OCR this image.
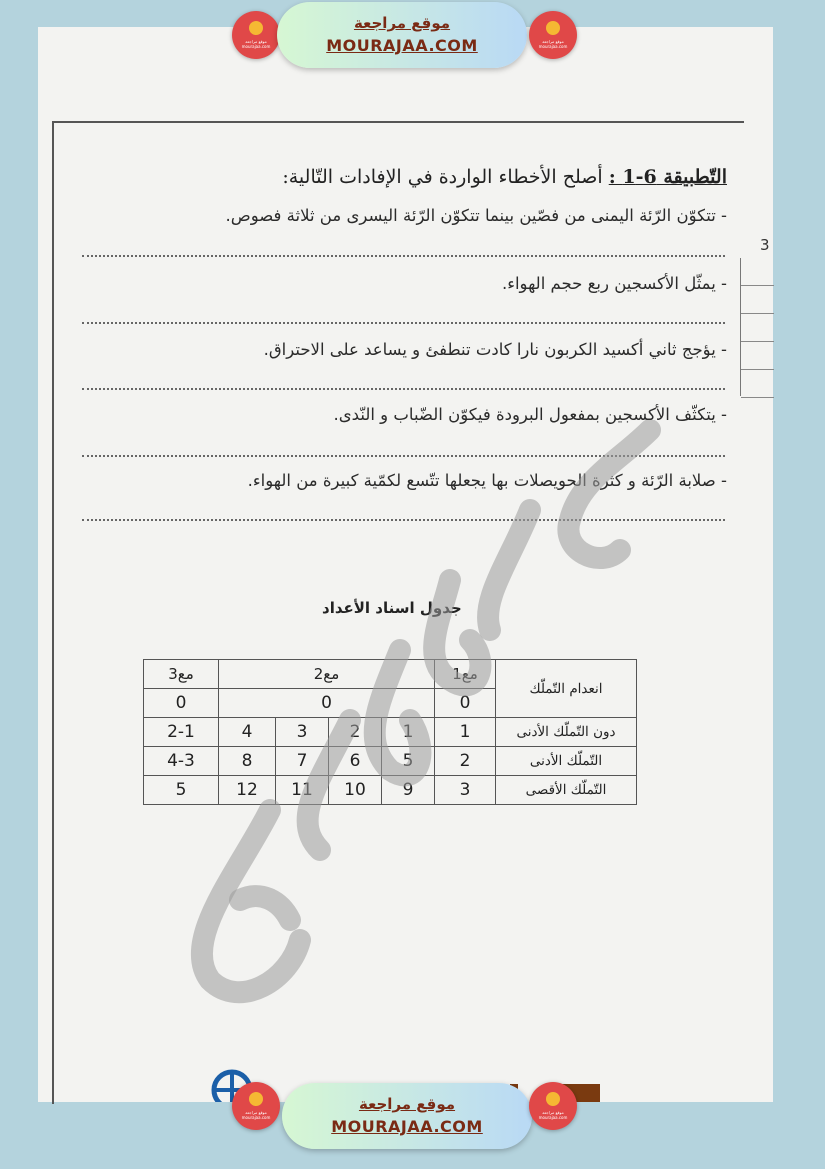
3
موقع مراجعة mourajaa.com
موقع مراجعة
MOURAJAA.COM	موقع مراجعة mourajaa.com
التّطبيقة 6-1 : أصلح الأخطاء الواردة في الإفادات التّالية:
- تتكوّن الرّئة اليمنى من فصّين بينما تتكوّن الرّئة اليسرى من ثلاثة فصوص.
- يمثّل الأكسجين ربع حجم الهواء.
- يؤجج ثاني أكسيد الكربون نارا كادت تنطفئ و يساعد على الاحتراق.
- يتكثّف الأكسجين بمفعول البرودة فيكوّن الضّباب و النّدى.
- صلابة الرّئة و كثرة الحويصلات بها يجعلها تتّسع لكمّية كبيرة من الهواء.
جدول اسناد الأعداد
مع3	مع2				مع1	انعدام التّملّك
0	0				0	
2-1	4	3	2	1	1	دون التّملّك الأدنى
4-3	8	7	6	5	2	التّملّك الأدنى
5	12	11	10	9	3	التّملّك الأقصى
موقع مراجعة mourajaa.com
موقع مراجعة
MOURAJAA.COM
موقع مراجعة mourajaa.com
